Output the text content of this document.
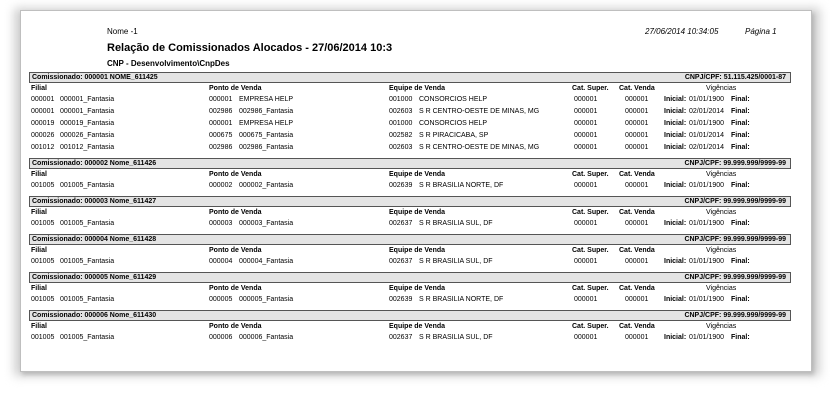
Nome -1	27/06/2014 10:34:05	Página 1
Relação de Comissionados Alocados - 27/06/2014 10:3
CNP - Desenvolvimento\CnpDes
Comissionado: 000001 NOME_611425	CNPJ/CPF: 51.115.425/0001-87
Filial	Ponto de Venda	Equipe de Venda	Cat. Super. Cat. Venda	Vigências
000001 000001_Fantasia	000001 EMPRESA HELP	001000 CONSORCIOS HELP	000001	000001 Inicial: 01/01/1900 Final:
000001 000001_Fantasia	002986 002986_Fantasia	002603 S R CENTRO-OESTE DE MINAS, MG	000001	000001 Inicial: 02/01/2014 Final:
000019 000019_Fantasia	000001 EMPRESA HELP	001000 CONSORCIOS HELP	000001	000001 Inicial: 01/01/1900 Final:
000026 000026_Fantasia	000675 000675_Fantasia	002582 S R PIRACICABA, SP	000001	000001 Inicial: 01/01/2014 Final:
001012 001012_Fantasia	002986 002986_Fantasia	002603 S R CENTRO-OESTE DE MINAS, MG	000001	000001 Inicial: 02/01/2014 Final:
Comissionado: 000002 Nome_611426	CNPJ/CPF: 99.999.999/9999-99
Filial	Ponto de Venda	Equipe de Venda	Cat. Super. Cat. Venda	Vigências
001005 001005_Fantasia	000002 000002_Fantasia	002639 S R BRASILIA NORTE, DF	000001	000001 Inicial: 01/01/1900 Final:
Comissionado: 000003 Nome_611427	CNPJ/CPF: 99.999.999/9999-99
Filial	Ponto de Venda	Equipe de Venda	Cat. Super. Cat. Venda	Vigências
001005 001005_Fantasia	000003 000003_Fantasia	002637 S R BRASILIA SUL, DF	000001	000001 Inicial: 01/01/1900 Final:
Comissionado: 000004 Nome_611428	CNPJ/CPF: 99.999.999/9999-99
Filial	Ponto de Venda	Equipe de Venda	Cat. Super. Cat. Venda	Vigências
001005 001005_Fantasia	000004 000004_Fantasia	002637 S R BRASILIA SUL, DF	000001	000001 Inicial: 01/01/1900 Final:
Comissionado: 000005 Nome_611429	CNPJ/CPF: 99.999.999/9999-99
Filial	Ponto de Venda	Equipe de Venda	Cat. Super. Cat. Venda	Vigências
001005 001005_Fantasia	000005 000005_Fantasia	002639 S R BRASILIA NORTE, DF	000001	000001 Inicial: 01/01/1900 Final:
Comissionado: 000006 Nome_611430	CNPJ/CPF: 99.999.999/9999-99
Filial	Ponto de Venda	Equipe de Venda	Cat. Super. Cat. Venda	Vigências
001005 001005_Fantasia	000006 000006_Fantasia	002637 S R BRASILIA SUL, DF	000001	000001 Inicial: 01/01/1900 Final:
